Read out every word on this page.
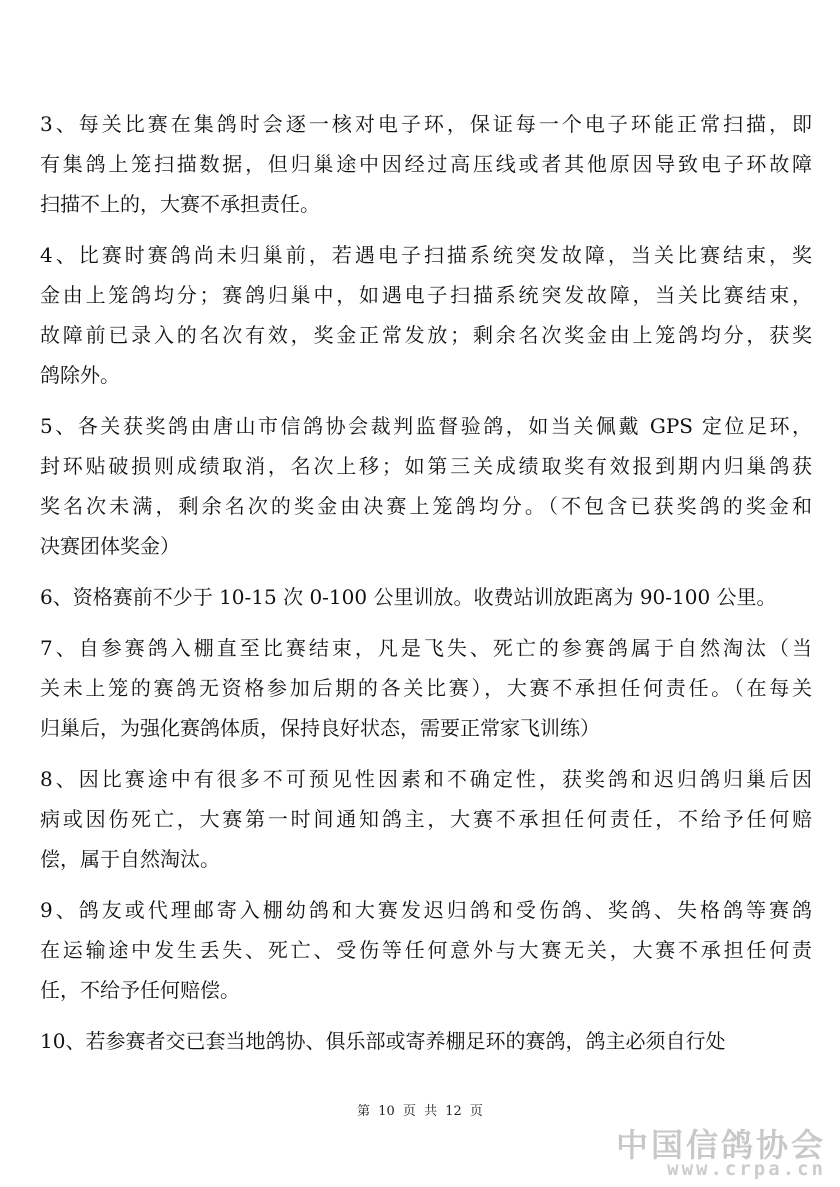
3、每关比赛在集鸽时会逐一核对电子环，保证每一个电子环能正常扫描，即
有集鸽上笼扫描数据，但归巢途中因经过高压线或者其他原因导致电子环故障
扫描不上的，大赛不承担责任。

4、比赛时赛鸽尚未归巢前，若遇电子扫描系统突发故障，当关比赛结束，奖
金由上笼鸽均分；赛鸽归巢中，如遇电子扫描系统突发故障，当关比赛结束，
故障前已录入的名次有效，奖金正常发放；剩余名次奖金由上笼鸽均分，获奖
鸽除外。

5、各关获奖鸽由唐山市信鸽协会裁判监督验鸽，如当关佩戴 GPS 定位足环，
封环贴破损则成绩取消，名次上移；如第三关成绩取奖有效报到期内归巢鸽获
奖名次未满，剩余名次的奖金由决赛上笼鸽均分。（不包含已获奖鸽的奖金和
决赛团体奖金）

6、资格赛前不少于 10-15 次 0-100 公里训放。收费站训放距离为 90-100 公里。

7、自参赛鸽入棚直至比赛结束，凡是飞失、死亡的参赛鸽属于自然淘汰（当
关未上笼的赛鸽无资格参加后期的各关比赛），大赛不承担任何责任。（在每关
归巢后，为强化赛鸽体质，保持良好状态，需要正常家飞训练）

8、因比赛途中有很多不可预见性因素和不确定性，获奖鸽和迟归鸽归巢后因
病或因伤死亡，大赛第一时间通知鸽主，大赛不承担任何责任，不给予任何赔
偿，属于自然淘汰。

9、鸽友或代理邮寄入棚幼鸽和大赛发迟归鸽和受伤鸽、奖鸽、失格鸽等赛鸽
在运输途中发生丢失、死亡、受伤等任何意外与大赛无关，大赛不承担任何责
任，不给予任何赔偿。

10、若参赛者交已套当地鸽协、俱乐部或寄养棚足环的赛鸽，鸽主必须自行处

第 10 页 共 12 页
中国信鸽协会
www.crpa.cn
